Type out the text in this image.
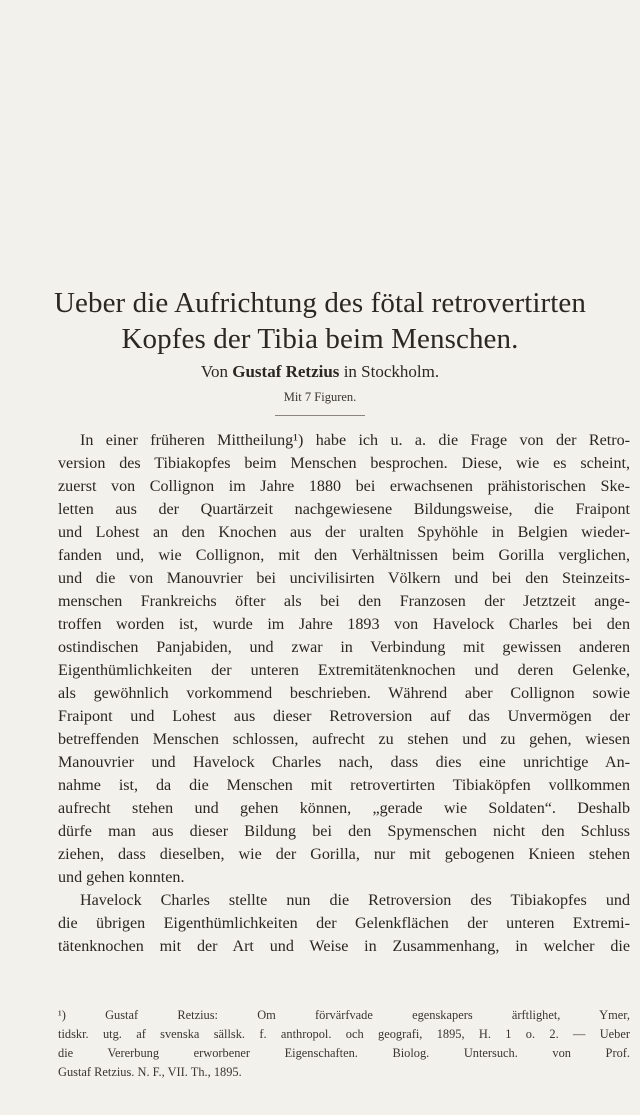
Ueber die Aufrichtung des fötal retrovertirten
Kopfes der Tibia beim Menschen.
Von Gustaf Retzius in Stockholm.
Mit 7 Figuren.
In einer früheren Mittheilung¹) habe ich u. a. die Frage von der Retro-
version des Tibiakopfes beim Menschen besprochen. Diese, wie es scheint,
zuerst von Collignon im Jahre 1880 bei erwachsenen prähistorischen Ske-
letten aus der Quartärzeit nachgewiesene Bildungsweise, die Fraipont
und Lohest an den Knochen aus der uralten Spyhöhle in Belgien wieder-
fanden und, wie Collignon, mit den Verhältnissen beim Gorilla verglichen,
und die von Manouvrier bei uncivilisirten Völkern und bei den Steinzeits-
menschen Frankreichs öfter als bei den Franzosen der Jetztzeit ange-
troffen worden ist, wurde im Jahre 1893 von Havelock Charles bei den
ostindischen Panjabiden, und zwar in Verbindung mit gewissen anderen
Eigenthümlichkeiten der unteren Extremitätenknochen und deren Gelenke,
als gewöhnlich vorkommend beschrieben. Während aber Collignon sowie
Fraipont und Lohest aus dieser Retroversion auf das Unvermögen der
betreffenden Menschen schlossen, aufrecht zu stehen und zu gehen, wiesen
Manouvrier und Havelock Charles nach, dass dies eine unrichtige An-
nahme ist, da die Menschen mit retrovertirten Tibiaköpfen vollkommen
aufrecht stehen und gehen können, „gerade wie Soldaten“. Deshalb
dürfe man aus dieser Bildung bei den Spymenschen nicht den Schluss
ziehen, dass dieselben, wie der Gorilla, nur mit gebogenen Knieen stehen
und gehen konnten.
Havelock Charles stellte nun die Retroversion des Tibiakopfes und
die übrigen Eigenthümlichkeiten der Gelenkflächen der unteren Extremi-
tätenknochen mit der Art und Weise in Zusammenhang, in welcher die
¹) Gustaf Retzius: Om förvärfvade egenskapers ärftlighet, Ymer,
tidskr. utg. af svenska sällsk. f. anthropol. och geografi, 1895, H. 1 o. 2. — Ueber
die Vererbung erworbener Eigenschaften. Biolog. Untersuch. von Prof.
Gustaf Retzius. N. F., VII. Th., 1895.
